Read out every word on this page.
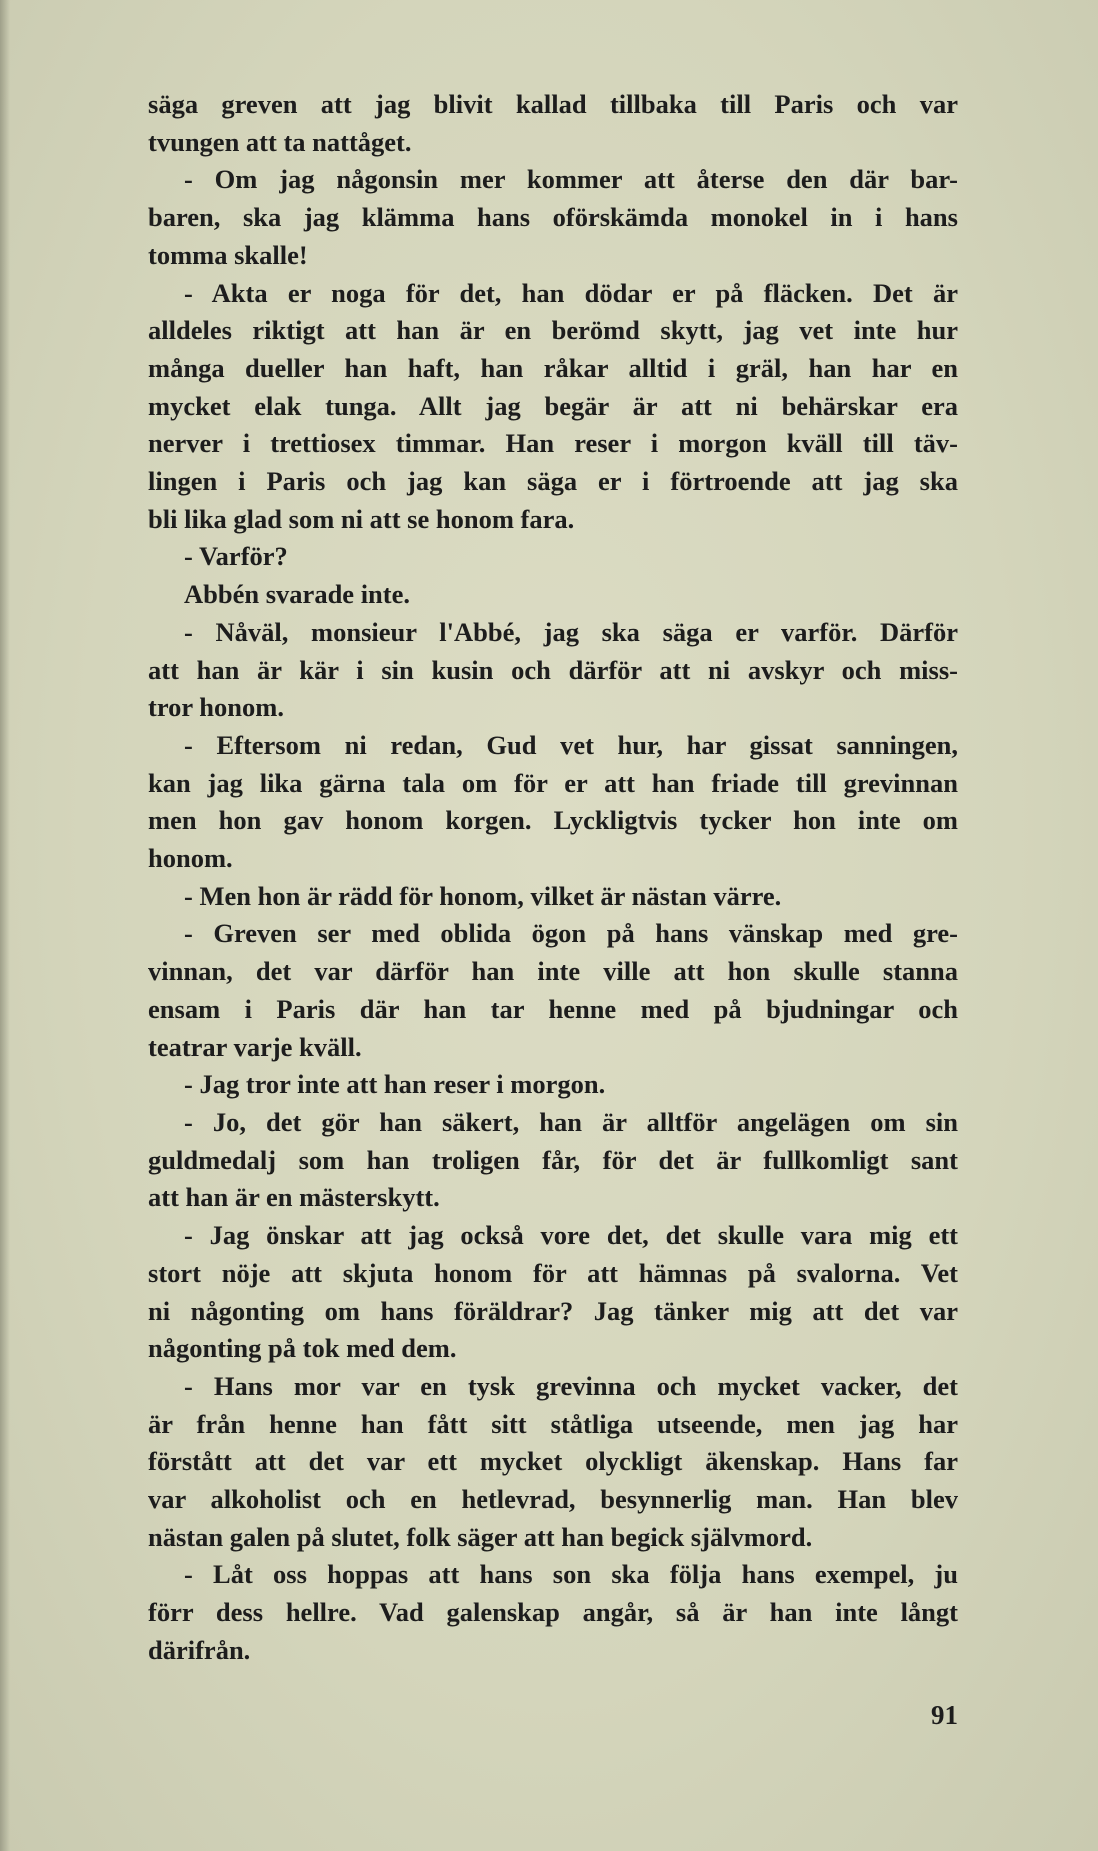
säga greven att jag blivit kallad tillbaka till Paris och var
tvungen att ta nattåget.
- Om jag någonsin mer kommer att återse den där bar-
baren, ska jag klämma hans oförskämda monokel in i hans
tomma skalle!
- Akta er noga för det, han dödar er på fläcken. Det är
alldeles riktigt att han är en berömd skytt, jag vet inte hur
många dueller han haft, han råkar alltid i gräl, han har en
mycket elak tunga. Allt jag begär är att ni behärskar era
nerver i trettiosex timmar. Han reser i morgon kväll till täv-
lingen i Paris och jag kan säga er i förtroende att jag ska
bli lika glad som ni att se honom fara.
- Varför?
Abbén svarade inte.
- Nåväl, monsieur l'Abbé, jag ska säga er varför. Därför
att han är kär i sin kusin och därför att ni avskyr och miss-
tror honom.
- Eftersom ni redan, Gud vet hur, har gissat sanningen,
kan jag lika gärna tala om för er att han friade till grevinnan
men hon gav honom korgen. Lyckligtvis tycker hon inte om
honom.
- Men hon är rädd för honom, vilket är nästan värre.
- Greven ser med oblida ögon på hans vänskap med gre-
vinnan, det var därför han inte ville att hon skulle stanna
ensam i Paris där han tar henne med på bjudningar och
teatrar varje kväll.
- Jag tror inte att han reser i morgon.
- Jo, det gör han säkert, han är alltför angelägen om sin
guldmedalj som han troligen får, för det är fullkomligt sant
att han är en mästerskytt.
- Jag önskar att jag också vore det, det skulle vara mig ett
stort nöje att skjuta honom för att hämnas på svalorna. Vet
ni någonting om hans föräldrar? Jag tänker mig att det var
någonting på tok med dem.
- Hans mor var en tysk grevinna och mycket vacker, det
är från henne han fått sitt ståtliga utseende, men jag har
förstått att det var ett mycket olyckligt äkenskap. Hans far
var alkoholist och en hetlevrad, besynnerlig man. Han blev
nästan galen på slutet, folk säger att han begick självmord.
- Låt oss hoppas att hans son ska följa hans exempel, ju
förr dess hellre. Vad galenskap angår, så är han inte långt
därifrån.
91
